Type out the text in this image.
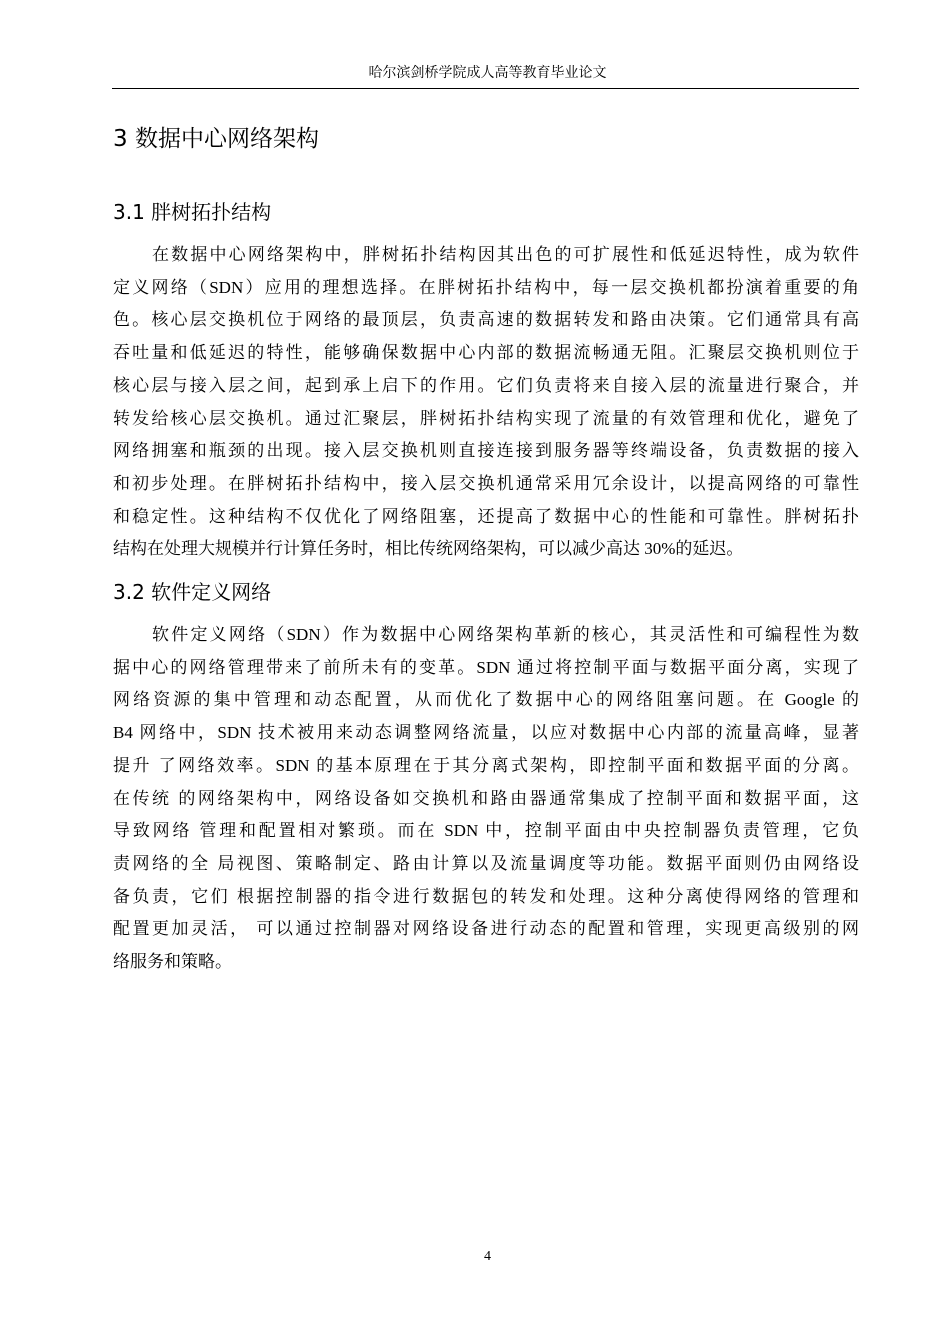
哈尔滨剑桥学院成人高等教育毕业论文
3 数据中心网络架构
3.1 胖树拓扑结构
在数据中心网络架构中，胖树拓扑结构因其出色的可扩展性和低延迟特性，成为软件
定义网络（SDN）应用的理想选择。在胖树拓扑结构中，每一层交换机都扮演着重要的角
色。核心层交换机位于网络的最顶层，负责高速的数据转发和路由决策。它们通常具有高
吞吐量和低延迟的特性，能够确保数据中心内部的数据流畅通无阻。汇聚层交换机则位于
核心层与接入层之间，起到承上启下的作用。它们负责将来自接入层的流量进行聚合，并
转发给核心层交换机。通过汇聚层，胖树拓扑结构实现了流量的有效管理和优化，避免了
网络拥塞和瓶颈的出现。接入层交换机则直接连接到服务器等终端设备，负责数据的接入
和初步处理。在胖树拓扑结构中，接入层交换机通常采用冗余设计，以提高网络的可靠性
和稳定性。这种结构不仅优化了网络阻塞，还提高了数据中心的性能和可靠性。胖树拓扑
结构在处理大规模并行计算任务时，相比传统网络架构，可以减少高达 30%的延迟。
3.2 软件定义网络
软件定义网络（SDN）作为数据中心网络架构革新的核心，其灵活性和可编程性为数
据中心的网络管理带来了前所未有的变革。SDN 通过将控制平面与数据平面分离，实现了
网络资源的集中管理和动态配置，从而优化了数据中心的网络阻塞问题。在 Google 的
B4 网络中，SDN 技术被用来动态调整网络流量，以应对数据中心内部的流量高峰，显著
提升 了网络效率。SDN 的基本原理在于其分离式架构，即控制平面和数据平面的分离。
在传统 的网络架构中，网络设备如交换机和路由器通常集成了控制平面和数据平面，这
导致网络 管理和配置相对繁琐。而在 SDN 中，控制平面由中央控制器负责管理，它负
责网络的全 局视图、策略制定、路由计算以及流量调度等功能。数据平面则仍由网络设
备负责，它们 根据控制器的指令进行数据包的转发和处理。这种分离使得网络的管理和
配置更加灵活， 可以通过控制器对网络设备进行动态的配置和管理，实现更高级别的网
络服务和策略。
4
